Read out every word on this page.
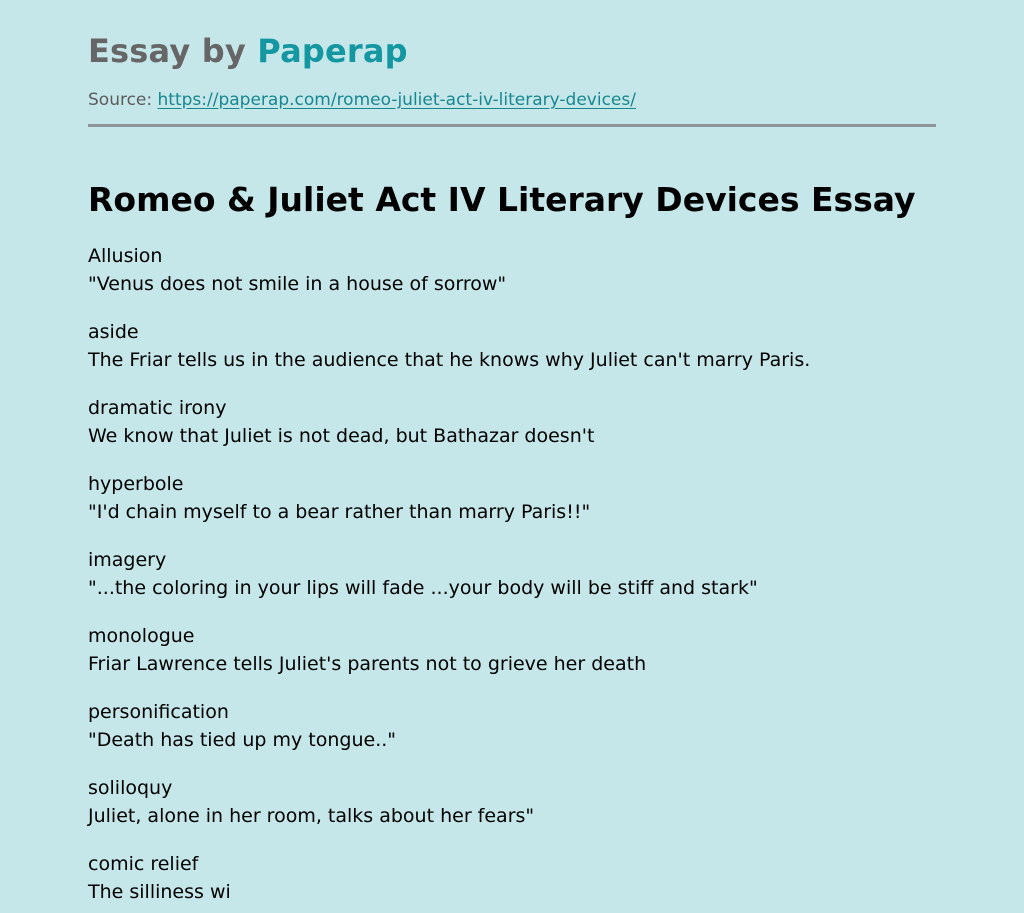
Essay by Paperap
Source: https://paperap.com/romeo-juliet-act-iv-literary-devices/
Romeo & Juliet Act IV Literary Devices Essay
Allusion
"Venus does not smile in a house of sorrow"
aside
The Friar tells us in the audience that he knows why Juliet can't marry Paris.
dramatic irony
We know that Juliet is not dead, but Bathazar doesn't
hyperbole
"I'd chain myself to a bear rather than marry Paris!!"
imagery
"...the coloring in your lips will fade ...your body will be stiff and stark"
monologue
Friar Lawrence tells Juliet's parents not to grieve her death
personification
"Death has tied up my tongue.."
soliloquy
Juliet, alone in her room, talks about her fears"
comic relief
The silliness wi
